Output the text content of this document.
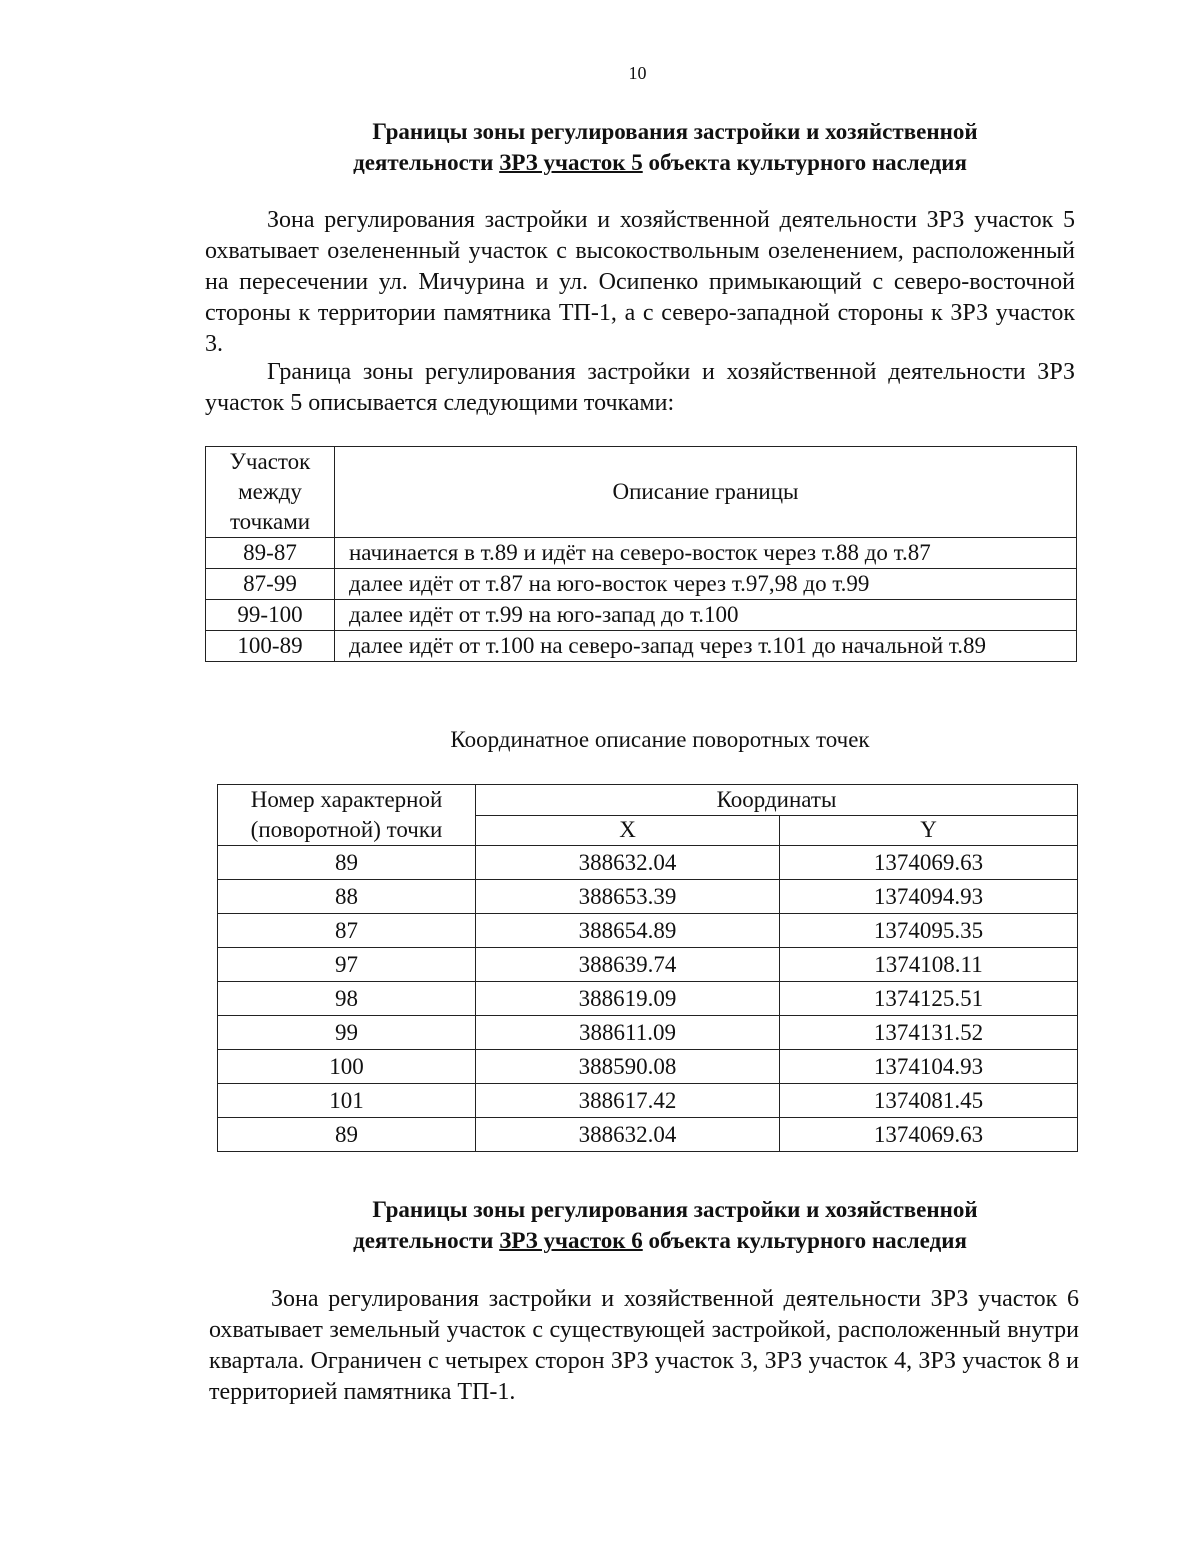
10
Границы зоны регулирования застройки и хозяйственной
деятельности ЗРЗ участок 5 объекта культурного наследия

Зона регулирования застройки и хозяйственной деятельности ЗРЗ участок 5 охватывает озелененный участок с высокоствольным озеленением, расположенный на пересечении ул. Мичурина и ул. Осипенко примыкающий с северо-восточной стороны к территории памятника ТП-1, а с северо-западной стороны к ЗРЗ участок 3.

Граница зоны регулирования застройки и хозяйственной деятельности ЗРЗ участок 5 описывается следующими точками:

Участок между точками	Описание границы
89-87	начинается в т.89 и идёт на северо-восток через т.88 до т.87
87-99	далее идёт от т.87 на юго-восток через т.97,98 до т.99
99-100	далее идёт от т.99 на юго-запад до т.100
100-89	далее идёт от т.100 на северо-запад через т.101 до начальной т.89
Координатное описание поворотных точек
Номер характерной (поворотной) точки	Координаты	
	X	Y
89	388632.04	1374069.63
88	388653.39	1374094.93
87	388654.89	1374095.35
97	388639.74	1374108.11
98	388619.09	1374125.51
99	388611.09	1374131.52
100	388590.08	1374104.93
101	388617.42	1374081.45
89	388632.04	1374069.63
Границы зоны регулирования застройки и хозяйственной
деятельности ЗРЗ участок 6 объекта культурного наследия

Зона регулирования застройки и хозяйственной деятельности ЗРЗ участок 6 охватывает земельный участок с существующей застройкой, расположенный внутри квартала. Ограничен с четырех сторон ЗРЗ участок 3, ЗРЗ участок 4, ЗРЗ участок 8 и территорией памятника ТП-1.
